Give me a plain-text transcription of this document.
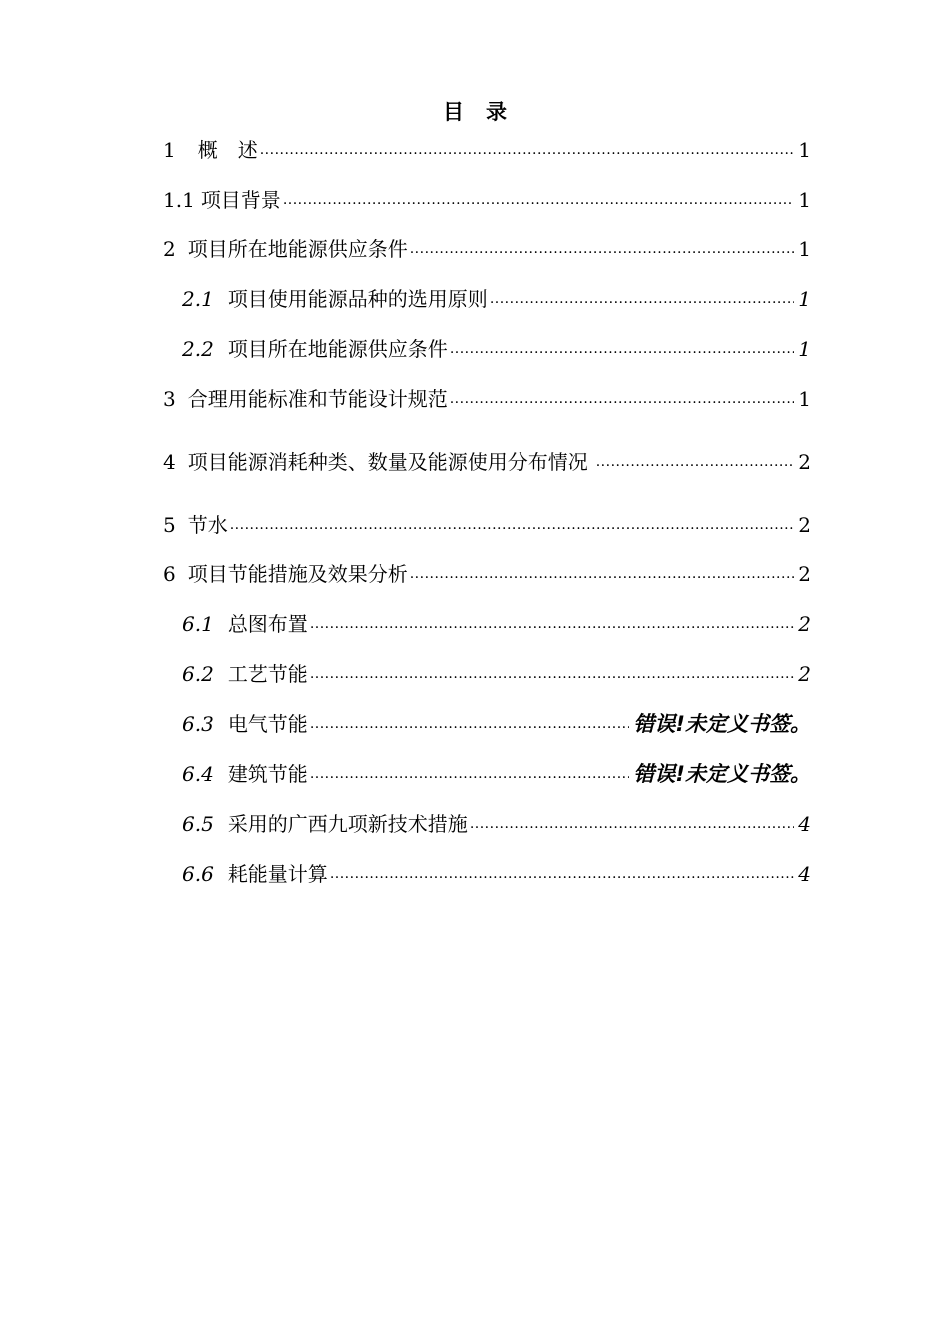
目 录
1 概　述 .....	1
1.1 项目背景 .....	1
2 项目所在地能源供应条件 .....	1
2.1 项目使用能源品种的选用原则 .....	1
2.2 项目所在地能源供应条件 .....	1
3 合理用能标准和节能设计规范 .....	1
4 项目能源消耗种类、数量及能源使用分布情况 .....	2
5 节水 .....	2
6 项目节能措施及效果分析 .....	2
6.1 总图布置 .....	2
6.2 工艺节能 .....	2
6.3 电气节能 .....	错误!未定义书签。
6.4 建筑节能 .....	错误!未定义书签。
6.5 采用的广西九项新技术措施 .....	4
6.6 耗能量计算 .....	4
